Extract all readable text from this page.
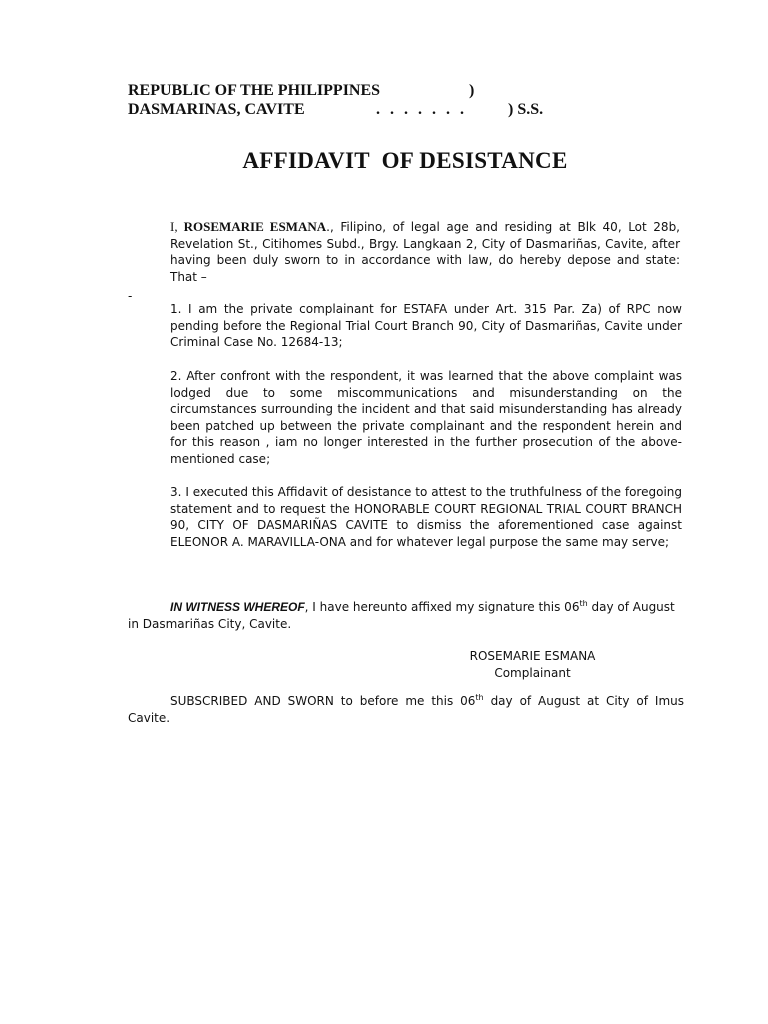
REPUBLIC OF THE PHILIPPINES	)
DASMARINAS, CAVITE	. . . . . . .	) S.S.
AFFIDAVIT  OF DESISTANCE
I, ROSEMARIE ESMANA., Filipino, of legal age and residing at Blk 40, Lot 28b, Revelation St., Citihomes Subd., Brgy. Langkaan 2, City of Dasmariñas, Cavite, after having been duly sworn to in accordance with law, do hereby depose and state: That –
-
1. I am the private complainant for ESTAFA under Art. 315 Par. Za) of RPC now pending before the Regional Trial Court Branch 90, City of Dasmariñas, Cavite under Criminal Case No. 12684-13;
2. After confront with the respondent, it was learned that the above complaint was lodged due to some miscommunications and misunderstanding on the circumstances surrounding the incident and that said misunderstanding has already been patched up between the private complainant and the respondent herein and for this reason , iam no longer interested in the further prosecution of the above-mentioned case;
3. I executed this Affidavit of desistance to attest to the truthfulness of the foregoing statement and to request the HONORABLE COURT REGIONAL TRIAL COURT BRANCH 90, CITY OF DASMARIÑAS CAVITE to dismiss the aforementioned case against ELEONOR A. MARAVILLA-ONA and for whatever legal purpose the same may serve;
IN WITNESS WHEREOF, I have hereunto affixed my signature this 06th day of August in Dasmariñas City, Cavite.
ROSEMARIE ESMANA
Complainant
SUBSCRIBED AND SWORN to before me this 06th day of August at City of Imus Cavite.
